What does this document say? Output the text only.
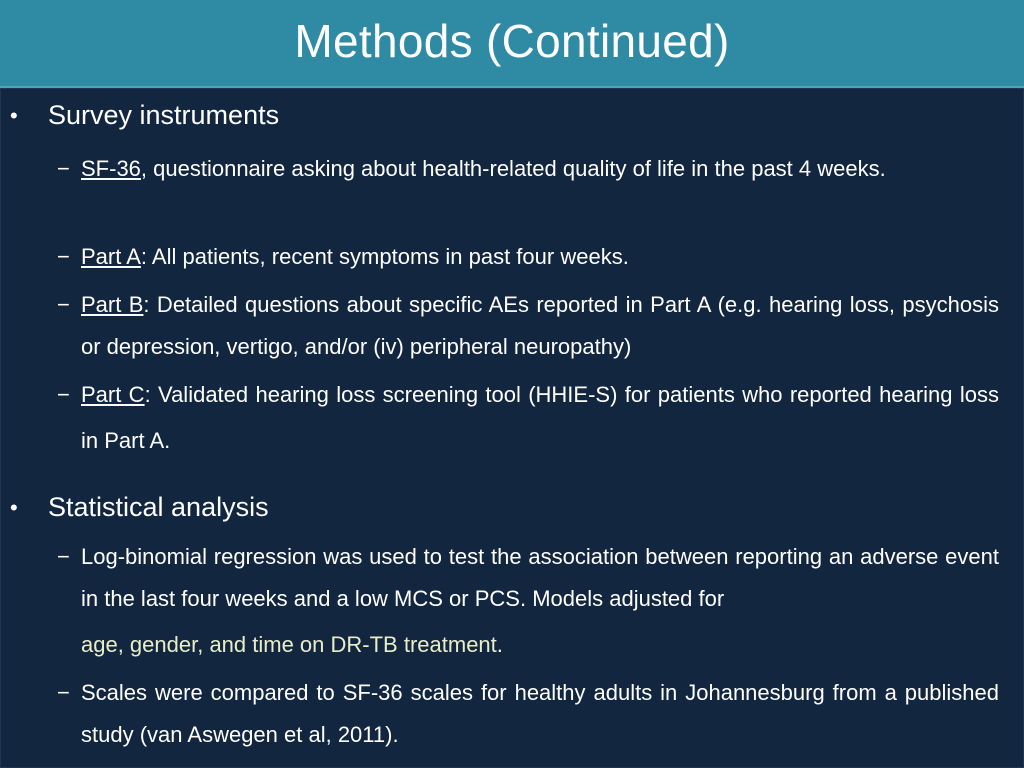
Methods (Continued)
•	Survey instruments
− SF-36, questionnaire asking about health-related quality of life in the past 4 weeks.
− Part A: All patients, recent symptoms in past four weeks.
− Part B: Detailed questions about specific AEs reported in Part A (e.g. hearing loss, psychosis or depression, vertigo, and/or (iv) peripheral neuropathy)
− Part C: Validated hearing loss screening tool (HHIE-S) for patients who reported hearing loss in Part A.
•	Statistical analysis
− Log-binomial regression was used to test the association between reporting an adverse event in the last four weeks and a low MCS or PCS. Models adjusted for
age, gender, and time on DR-TB treatment.
− Scales were compared to SF-36 scales for healthy adults in Johannesburg from a published study (van Aswegen et al, 2011).
